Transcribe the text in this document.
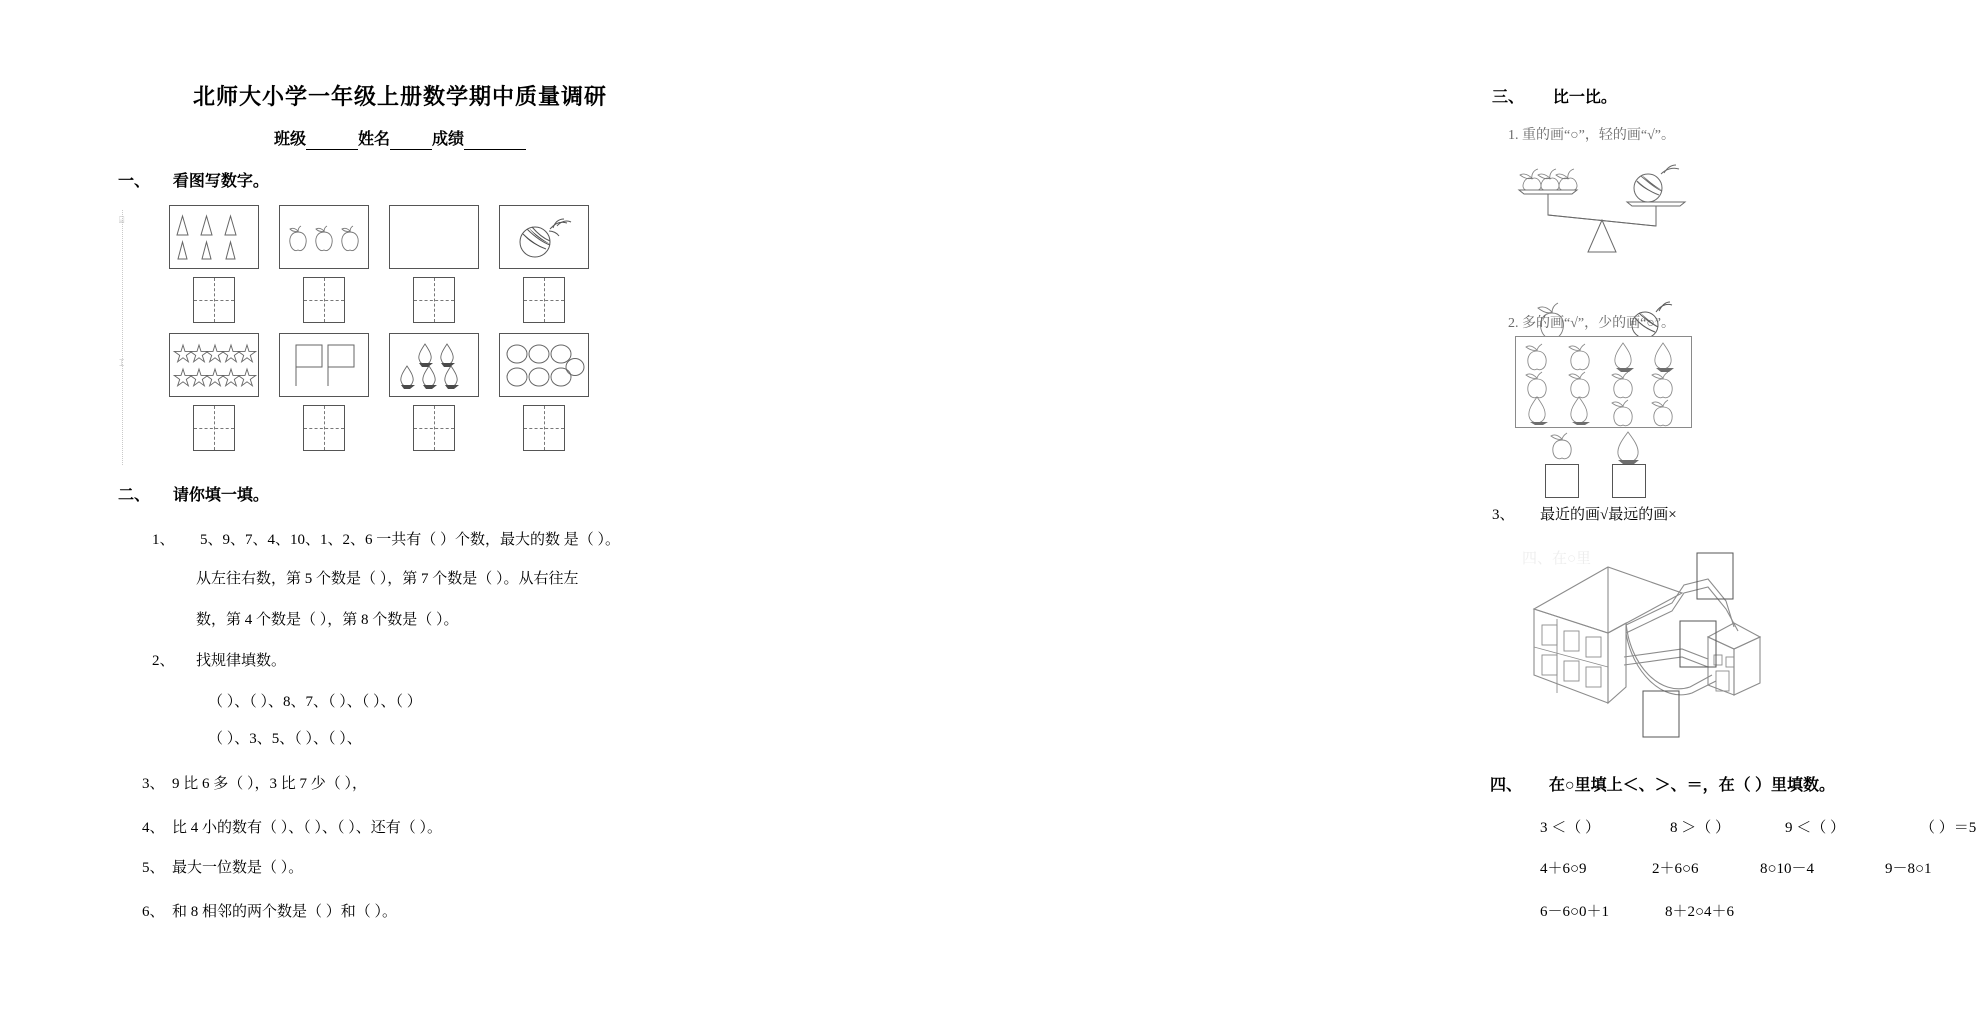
北师大小学一年级上册数学期中质量调研
班级	姓名	成绩
一、 看图写数字。
⌸
⌶
二、 请你填一填。
1、 5、9、7、4、10、1、2、6 一共有（ ）个数，最大的数 是（ ）。
从左往右数，第 5 个数是（ ），第 7 个数是（ ）。从右往左
数，第 4 个数是（ ），第 8 个数是（ ）。
2、 找规律填数。
（ ）、（ ）、8、7、（ ）、（ ）、（ ）
（ ）、3、5、（ ）、（ ）、
3、 9 比 6 多（ ），3 比 7 少（ ），
4、 比 4 小的数有（ ）、（ ）、（ ）、还有（ ）。
5、 最大一位数是（ ）。
6、 和 8 相邻的两个数是（ ）和（ ）。
三、 比一比。
1. 重的画“○”，轻的画“√”。
2. 多的画“√”，少的画“○”。
3、 最近的画√最远的画×
四、在○里
四、 在○里填上＜、＞、＝，在（ ）里填数。
3 ＜（ ）	8 ＞（ ）	9 ＜（ ）	（ ）＝5
4＋6○9	2＋6○6	8○10－4	9－8○1
6－6○0＋1	8＋2○4＋6
